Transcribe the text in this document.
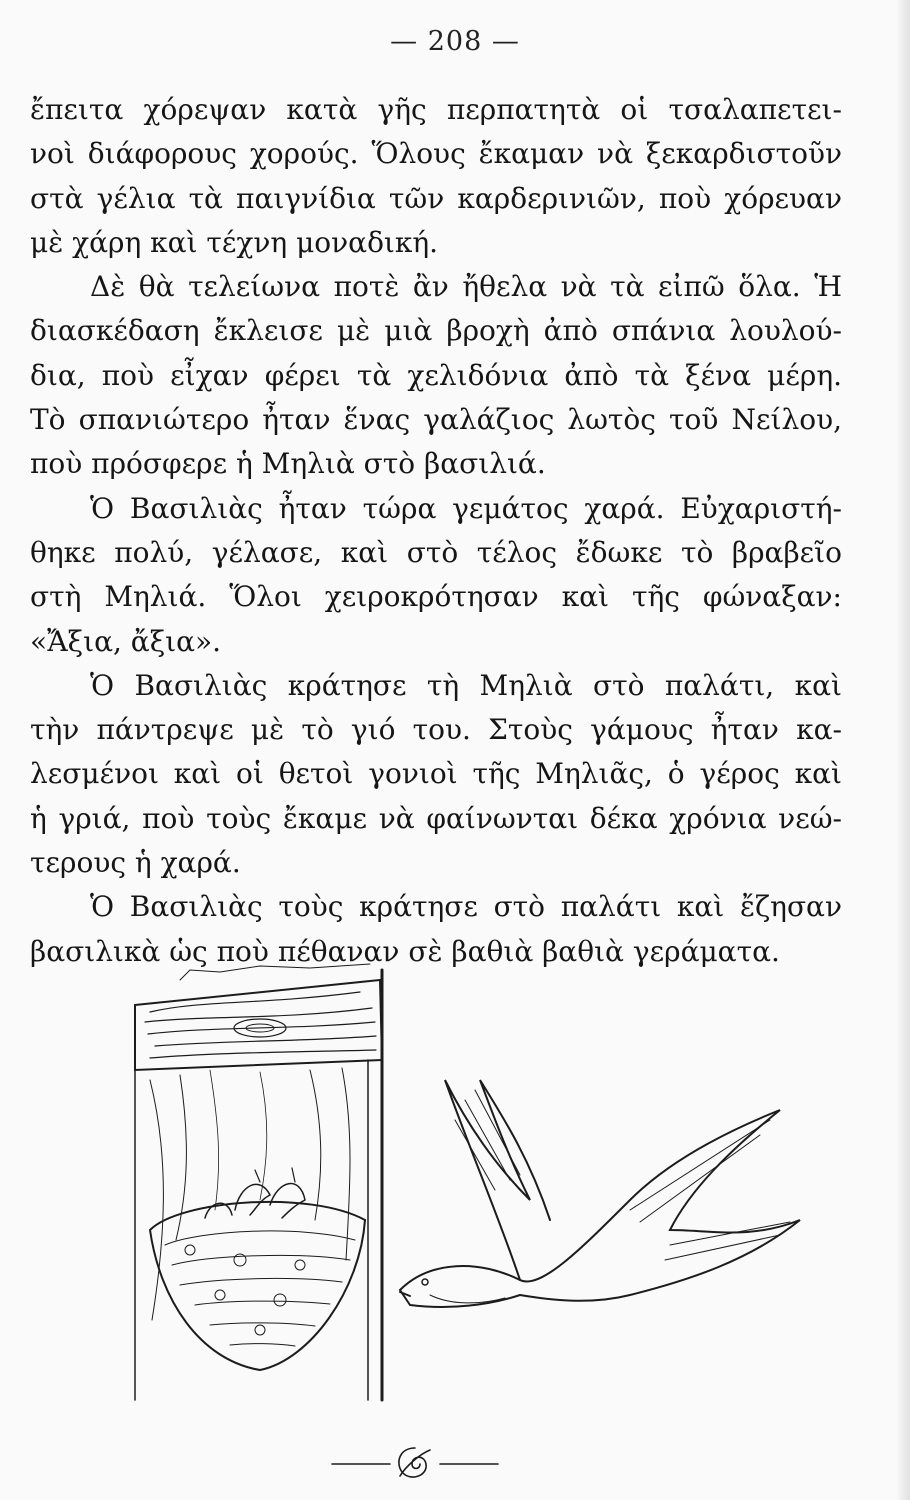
— 208 —
ἔπειτα χόρεψαν κατὰ γῆς περπατητὰ οἱ τσαλαπετει-
νοὶ διάφορους χορούς. Ὅλους ἔκαμαν νὰ ξεκαρδιστοῦν
στὰ γέλια τὰ παιγνίδια τῶν καρδερινιῶν, ποὺ χόρευαν
μὲ χάρη καὶ τέχνη μοναδική.
Δὲ θὰ τελείωνα ποτὲ ἂν ἤθελα νὰ τὰ εἰπῶ ὅλα. Ἡ
διασκέδαση ἔκλεισε μὲ μιὰ βροχὴ ἀπὸ σπάνια λουλού-
δια, ποὺ εἶχαν φέρει τὰ χελιδόνια ἀπὸ τὰ ξένα μέρη.
Τὸ σπανιώτερο ἦταν ἕνας γαλάζιος λωτὸς τοῦ Νείλου,
ποὺ πρόσφερε ἡ Μηλιὰ στὸ βασιλιά.
Ὁ Βασιλιὰς ἦταν τώρα γεμάτος χαρά. Εὐχαριστή-
θηκε πολύ, γέλασε, καὶ στὸ τέλος ἔδωκε τὸ βραβεῖο
στὴ Μηλιά. Ὅλοι χειροκρότησαν καὶ τῆς φώναξαν:
«Ἄξια, ἄξια».
Ὁ Βασιλιὰς κράτησε τὴ Μηλιὰ στὸ παλάτι, καὶ
τὴν πάντρεψε μὲ τὸ γιό του. Στοὺς γάμους ἦταν κα-
λεσμένοι καὶ οἱ θετοὶ γονιοὶ τῆς Μηλιᾶς, ὁ γέρος καὶ
ἡ γριά, ποὺ τοὺς ἔκαμε νὰ φαίνωνται δέκα χρόνια νεώ-
τερους ἡ χαρά.
Ὁ Βασιλιὰς τοὺς κράτησε στὸ παλάτι καὶ ἔζησαν
βασιλικὰ ὡς ποὺ πέθαναν σὲ βαθιὰ βαθιὰ γεράματα.
